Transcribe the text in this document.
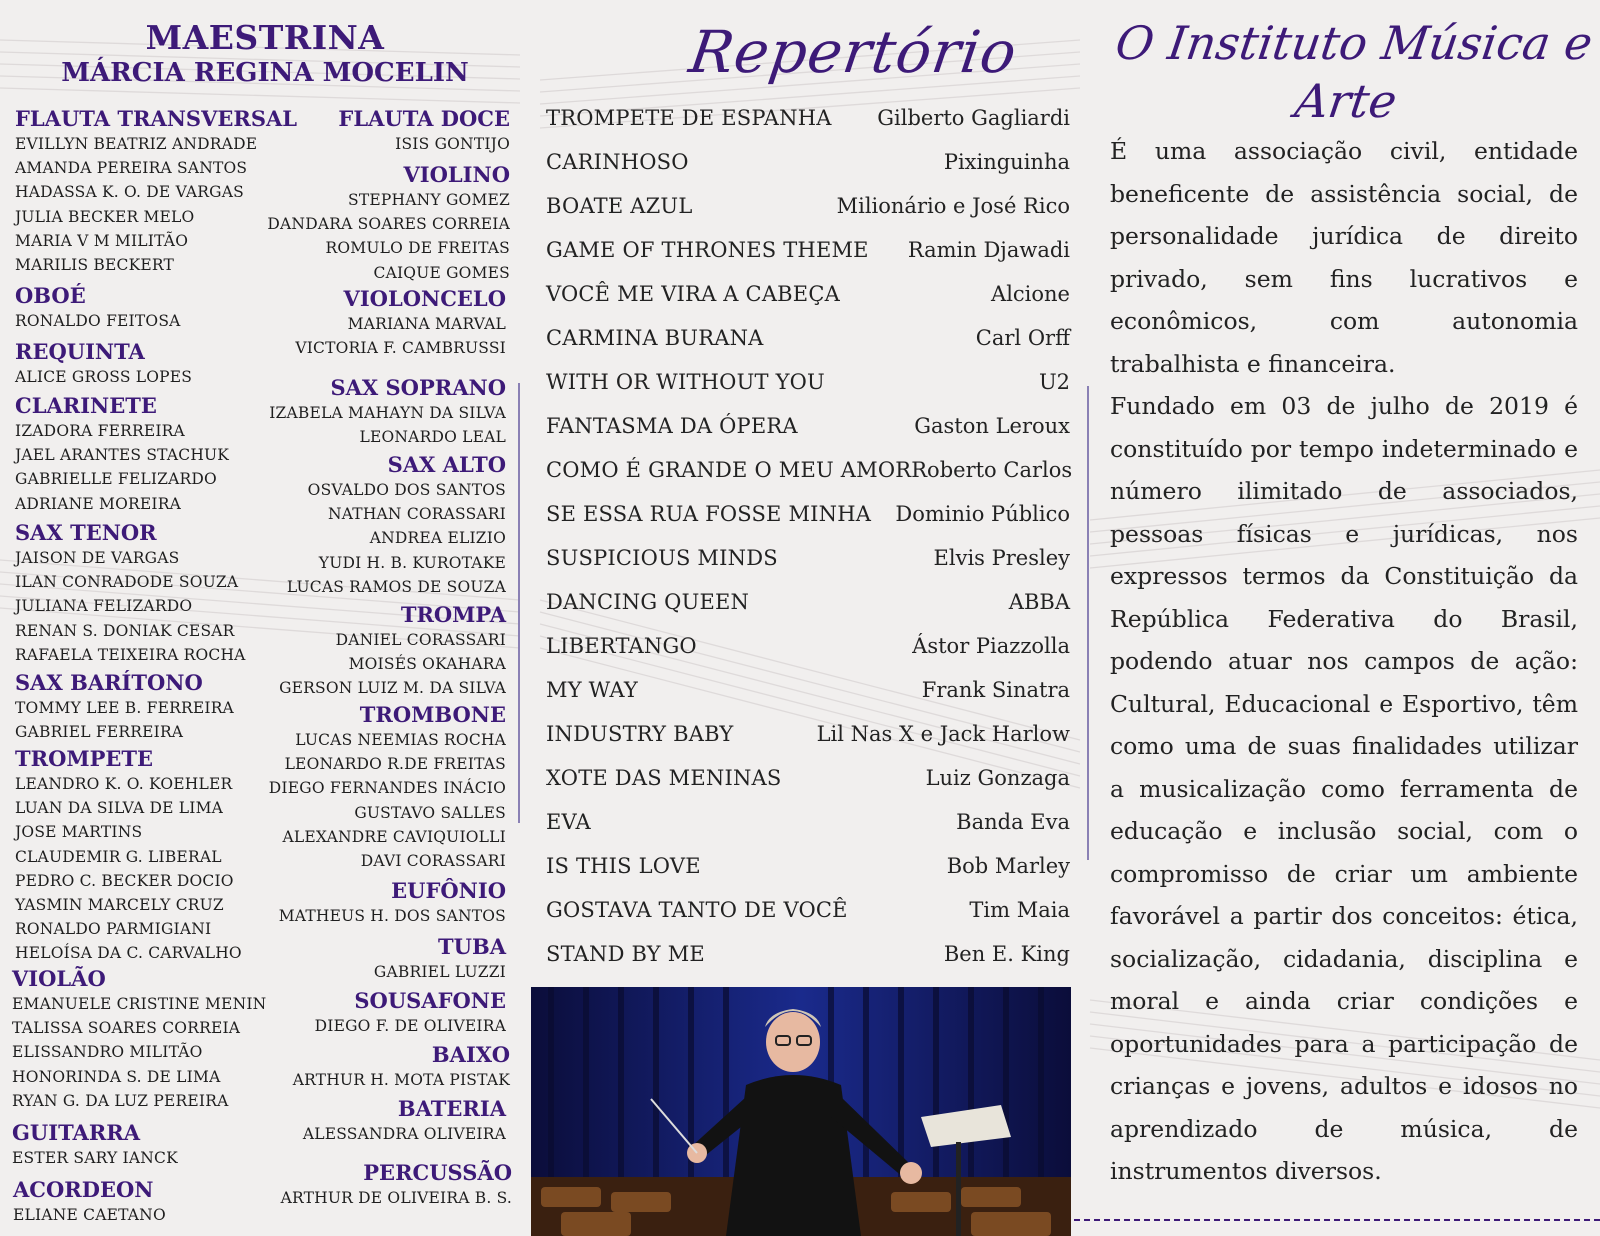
MAESTRINA
MÁRCIA REGINA MOCELIN
FLAUTA TRANSVERSAL
EVILLYN BEATRIZ ANDRADE
AMANDA PEREIRA SANTOS
HADASSA K. O. DE VARGAS
JULIA BECKER MELO
MARIA V M MILITÃO
MARILIS BECKERT
OBOÉ
RONALDO FEITOSA
REQUINTA
ALICE GROSS LOPES
CLARINETE
IZADORA FERREIRA
JAEL ARANTES STACHUK
GABRIELLE FELIZARDO
ADRIANE MOREIRA
SAX TENOR
JAISON DE VARGAS
ILAN CONRADODE SOUZA
JULIANA FELIZARDO
RENAN S. DONIAK CESAR
RAFAELA TEIXEIRA ROCHA
SAX BARÍTONO
TOMMY LEE B. FERREIRA
GABRIEL FERREIRA
TROMPETE
LEANDRO K. O. KOEHLER
LUAN DA SILVA DE LIMA
JOSE MARTINS
CLAUDEMIR G. LIBERAL
PEDRO C. BECKER DOCIO
YASMIN MARCELY CRUZ
RONALDO PARMIGIANI
HELOÍSA DA C. CARVALHO
VIOLÃO
EMANUELE CRISTINE MENIN
TALISSA SOARES CORREIA
ELISSANDRO MILITÃO
HONORINDA S. DE LIMA
RYAN G. DA LUZ PEREIRA
GUITARRA
ESTER SARY IANCK
ACORDEON
ELIANE CAETANO
FLAUTA DOCE
ISIS GONTIJO
VIOLINO
STEPHANY GOMEZ
DANDARA SOARES CORREIA
ROMULO DE FREITAS
CAIQUE GOMES
VIOLONCELO
MARIANA MARVAL
VICTORIA F. CAMBRUSSI
SAX SOPRANO
IZABELA MAHAYN DA SILVA
LEONARDO LEAL
SAX ALTO
OSVALDO DOS SANTOS
NATHAN CORASSARI
ANDREA ELIZIO
YUDI H. B. KUROTAKE
LUCAS RAMOS DE SOUZA
TROMPA
DANIEL CORASSARI
MOISÉS OKAHARA
GERSON LUIZ M. DA SILVA
TROMBONE
LUCAS NEEMIAS ROCHA
LEONARDO R.DE FREITAS
DIEGO FERNANDES INÁCIO
GUSTAVO SALLES
ALEXANDRE CAVIQUIOLLI
DAVI CORASSARI
EUFÔNIO
MATHEUS H. DOS SANTOS
TUBA
GABRIEL LUZZI
SOUSAFONE
DIEGO F. DE OLIVEIRA
BAIXO
ARTHUR H. MOTA PISTAK
BATERIA
ALESSANDRA OLIVEIRA
PERCUSSÃO
ARTHUR DE OLIVEIRA B. S.
Repertório
TROMPETE DE ESPANHA Gilberto Gagliardi
CARINHOSO	Pixinguinha
BOATE AZUL	Milionário e José Rico
GAME OF THRONES THEME Ramin Djawadi
VOCÊ ME VIRA A CABEÇA	Alcione
CARMINA BURANA	Carl Orff
WITH OR WITHOUT YOU	U2
FANTASMA DA ÓPERA	Gaston Leroux
COMO É GRANDE O MEU AMOR Roberto Carlos
SE ESSA RUA FOSSE MINHA Dominio Público
SUSPICIOUS MINDS	Elvis Presley
DANCING QUEEN	ABBA
LIBERTANGO	Ástor Piazzolla
MY WAY	Frank Sinatra
INDUSTRY BABY	Lil Nas X e Jack Harlow
XOTE DAS MENINAS	Luiz Gonzaga
EVA	Banda Eva
IS THIS LOVE	Bob Marley
GOSTAVA TANTO DE VOCÊ	Tim Maia
STAND BY ME	Ben E. King
O Instituto Música e
Arte

É uma associação civil, entidade beneficente de assistência social, de personalidade jurídica de direito privado, sem fins lucrativos e econômicos, com autonomia trabalhista e financeira.

Fundado em 03 de julho de 2019 é constituído por tempo indeterminado e número ilimitado de associados, pessoas físicas e jurídicas, nos expressos termos da Constituição da República Federativa do Brasil, podendo atuar nos campos de ação: Cultural, Educacional e Esportivo, têm como uma de suas finalidades utilizar a musicalização como ferramenta de educação e inclusão social, com o compromisso de criar um ambiente favorável a partir dos conceitos: ética, socialização, cidadania, disciplina e moral e ainda criar condições e oportunidades para a participação de crianças e jovens, adultos e idosos no aprendizado de música, de instrumentos diversos.
